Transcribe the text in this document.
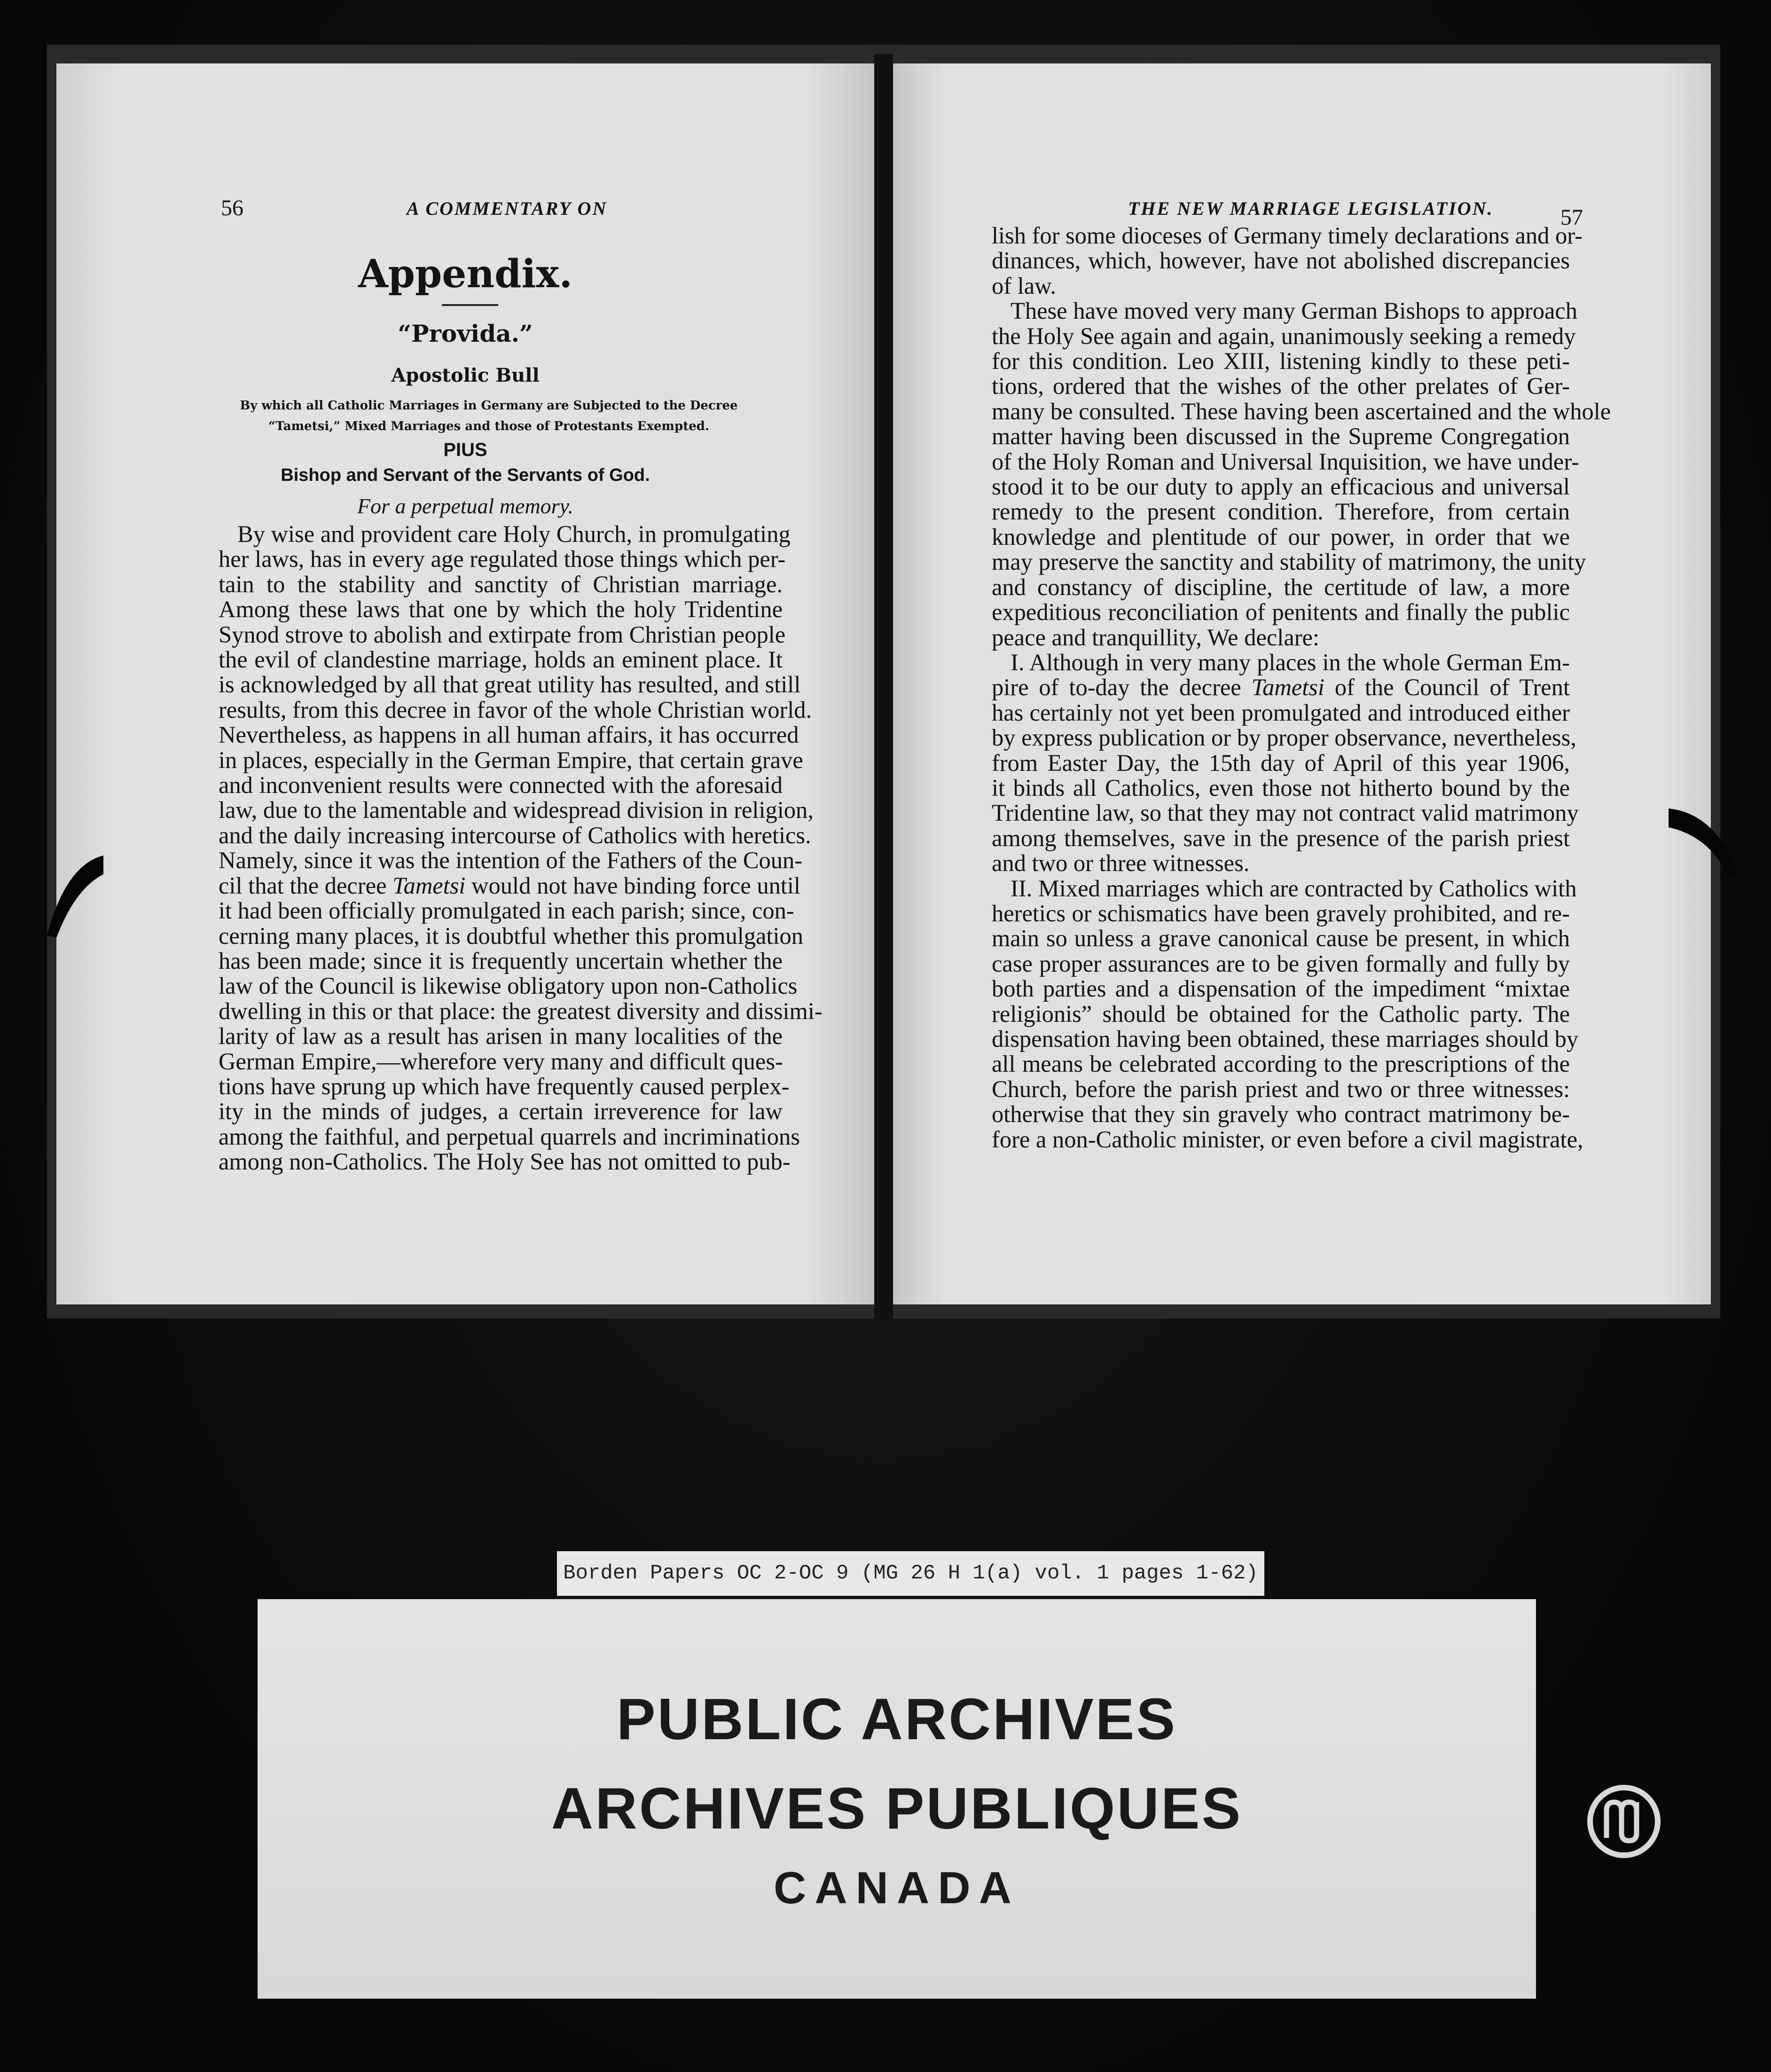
56	A COMMENTARY ON
Appendix.
“Provida.”
Apostolic Bull
By which all Catholic Marriages in Germany are Subjected to the Decree “Tametsi,” Mixed Marriages and those of Protestants Exempted.
PIUS
Bishop and Servant of the Servants of God.
For a perpetual memory.
By wise and provident care Holy Church, in promulgating
her laws, has in every age regulated those things which per-
tain to the stability and sanctity of Christian marriage.
Among these laws that one by which the holy Tridentine
Synod strove to abolish and extirpate from Christian people
the evil of clandestine marriage, holds an eminent place. It
is acknowledged by all that great utility has resulted, and still
results, from this decree in favor of the whole Christian world.
Nevertheless, as happens in all human affairs, it has occurred
in places, especially in the German Empire, that certain grave
and inconvenient results were connected with the aforesaid
law, due to the lamentable and widespread division in religion,
and the daily increasing intercourse of Catholics with heretics.
Namely, since it was the intention of the Fathers of the Coun-
cil that the decree Tametsi would not have binding force until
it had been officially promulgated in each parish; since, con-
cerning many places, it is doubtful whether this promulgation
has been made; since it is frequently uncertain whether the
law of the Council is likewise obligatory upon non-Catholics
dwelling in this or that place: the greatest diversity and dissimi-
larity of law as a result has arisen in many localities of the
German Empire,—wherefore very many and difficult ques-
tions have sprung up which have frequently caused perplex-
ity in the minds of judges, a certain irreverence for law
among the faithful, and perpetual quarrels and incriminations
among non-Catholics. The Holy See has not omitted to pub-
THE NEW MARRIAGE LEGISLATION.	57
lish for some dioceses of Germany timely declarations and or-
dinances, which, however, have not abolished discrepancies
of law.
These have moved very many German Bishops to approach
the Holy See again and again, unanimously seeking a remedy
for this condition. Leo XIII, listening kindly to these peti-
tions, ordered that the wishes of the other prelates of Ger-
many be consulted. These having been ascertained and the whole
matter having been discussed in the Supreme Congregation
of the Holy Roman and Universal Inquisition, we have under-
stood it to be our duty to apply an efficacious and universal
remedy to the present condition. Therefore, from certain
knowledge and plentitude of our power, in order that we
may preserve the sanctity and stability of matrimony, the unity
and constancy of discipline, the certitude of law, a more
expeditious reconciliation of penitents and finally the public
peace and tranquillity, We declare:
I. Although in very many places in the whole German Em-
pire of to-day the decree Tametsi of the Council of Trent
has certainly not yet been promulgated and introduced either
by express publication or by proper observance, nevertheless,
from Easter Day, the 15th day of April of this year 1906,
it binds all Catholics, even those not hitherto bound by the
Tridentine law, so that they may not contract valid matrimony
among themselves, save in the presence of the parish priest
and two or three witnesses.
II. Mixed marriages which are contracted by Catholics with
heretics or schismatics have been gravely prohibited, and re-
main so unless a grave canonical cause be present, in which
case proper assurances are to be given formally and fully by
both parties and a dispensation of the impediment “mixtae
religionis” should be obtained for the Catholic party. The
dispensation having been obtained, these marriages should by
all means be celebrated according to the prescriptions of the
Church, before the parish priest and two or three witnesses:
otherwise that they sin gravely who contract matrimony be-
fore a non-Catholic minister, or even before a civil magistrate,
Borden Papers OC 2-OC 9 (MG 26 H 1(a) vol. 1 pages 1-62)
PUBLIC ARCHIVES
ARCHIVES PUBLIQUES
CANADA
